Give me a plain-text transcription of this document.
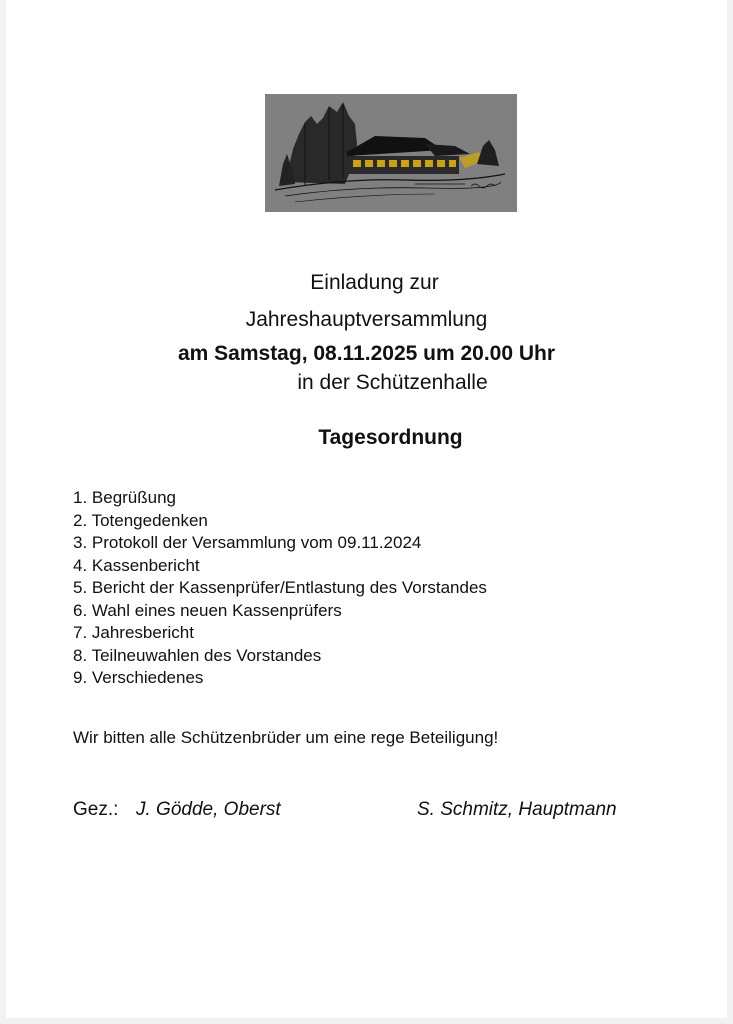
Einladung zur
Jahreshauptversammlung
am Samstag, 08.11.2025 um 20.00 Uhr
in der Schützenhalle
Tagesordnung
1. Begrüßung
2. Totengedenken
3. Protokoll der Versammlung vom 09.11.2024
4. Kassenbericht
5. Bericht der Kassenprüfer/Entlastung des Vorstandes
6. Wahl eines neuen Kassenprüfers
7. Jahresbericht
8. Teilneuwahlen des Vorstandes
9. Verschiedenes
Wir bitten alle Schützenbrüder um eine rege Beteiligung!
Gez.: J. Gödde, Oberst	S. Schmitz, Hauptmann
